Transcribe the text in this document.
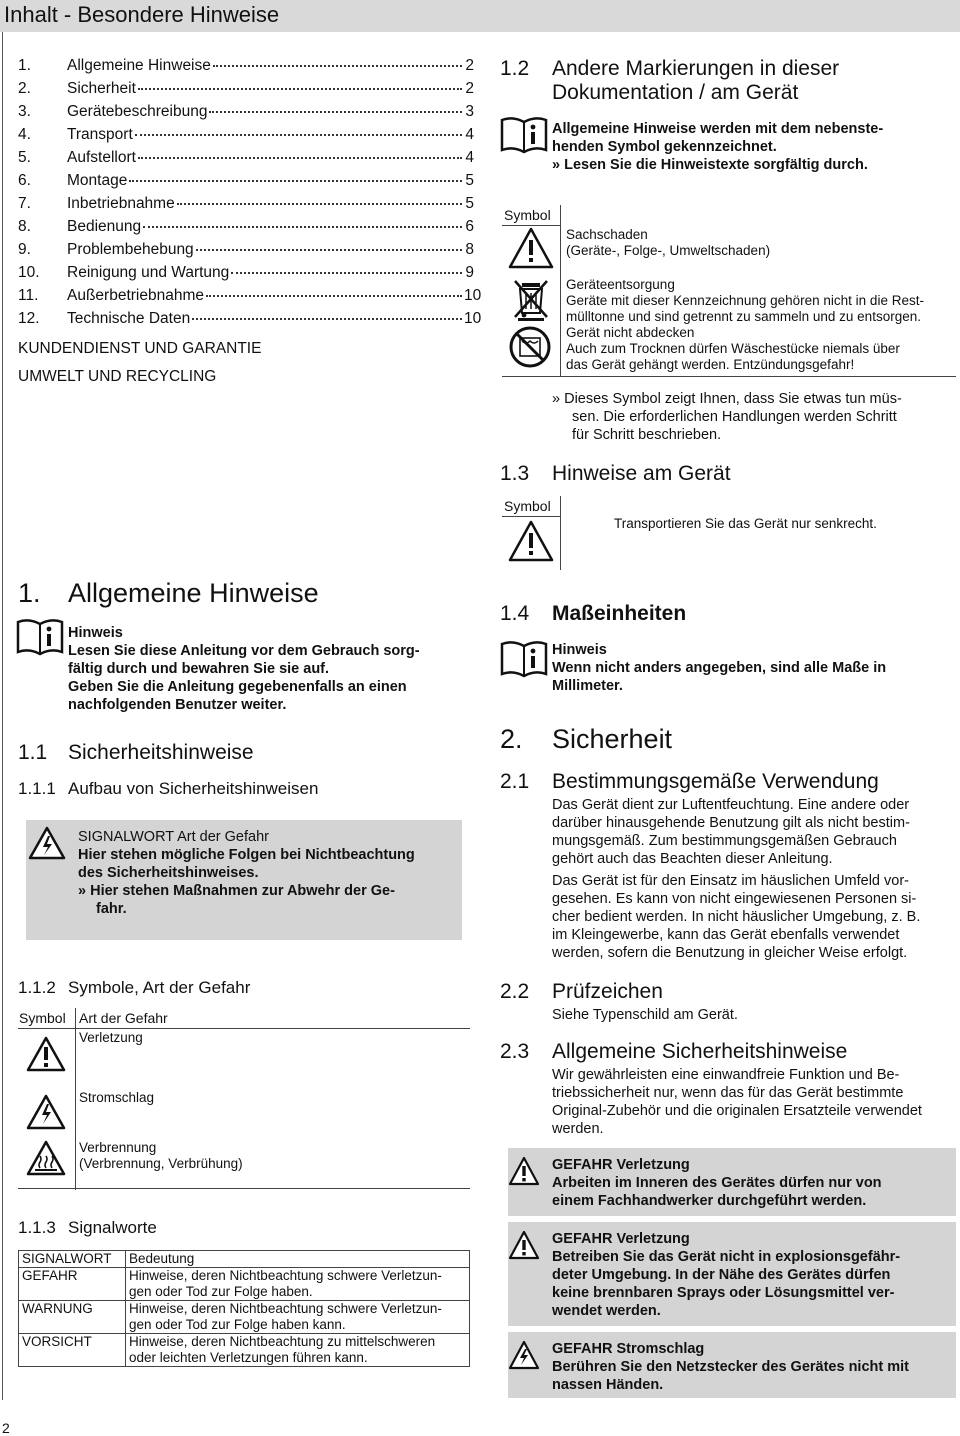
Inhalt - Besondere Hinweise
1.	Allgemeine Hinweise	2
2.	Sicherheit	2
3.	Gerätebeschreibung	3
4.	Transport	4
5.	Aufstellort	4
6.	Montage	5
7.	Inbetriebnahme	5
8.	Bedienung	6
9.	Problembehebung	8
10.	Reinigung und Wartung	9
11.	Außerbetriebnahme	10
12.	Technische Daten	10
KUNDENDIENST UND GARANTIE
UMWELT UND RECYCLING
1. Allgemeine Hinweise
Hinweis
Lesen Sie diese Anleitung vor dem Gebrauch sorg-
fältig durch und bewahren Sie sie auf.
Geben Sie die Anleitung gegebenenfalls an einen
nachfolgenden Benutzer weiter.
1.1 Sicherheitshinweise
1.1.1 Aufbau von Sicherheitshinweisen
SIGNALWORT Art der Gefahr
Hier stehen mögliche Folgen bei Nichtbeachtung
des Sicherheitshinweises.
» Hier stehen Maßnahmen zur Abwehr der Ge-
fahr.
1.1.2 Symbole, Art der Gefahr
Symbol Art der Gefahr
Verletzung
Stromschlag
Verbrennung
(Verbrennung, Verbrühung)
1.1.3 Signalworte
SIGNALWORT	Bedeutung
GEFAHR	Hinweise, deren Nichtbeachtung schwere Verletzun-
gen oder Tod zur Folge haben.

WARNUNG	Hinweise, deren Nichtbeachtung schwere Verletzun-
gen oder Tod zur Folge haben kann.

VORSICHT	Hinweise, deren Nichtbeachtung zu mittelschweren
oder leichten Verletzungen führen kann.
2
1.2 Andere Markierungen in dieser
Dokumentation / am Gerät
Allgemeine Hinweise werden mit dem nebenste-
henden Symbol gekennzeichnet.
» Lesen Sie die Hinweistexte sorgfältig durch.
Symbol
Sachschaden
(Geräte-, Folge-, Umweltschaden)
Geräteentsorgung
Geräte mit dieser Kennzeichnung gehören nicht in die Rest-
mülltonne und sind getrennt zu sammeln und zu entsorgen.
Gerät nicht abdecken
Auch zum Trocknen dürfen Wäschestücke niemals über
das Gerät gehängt werden. Entzündungsgefahr!
» Dieses Symbol zeigt Ihnen, dass Sie etwas tun müs-
sen. Die erforderlichen Handlungen werden Schritt
für Schritt beschrieben.
1.3 Hinweise am Gerät
Symbol
Transportieren Sie das Gerät nur senkrecht.
1.4 Maßeinheiten
Hinweis
Wenn nicht anders angegeben, sind alle Maße in
Millimeter.
2. Sicherheit
2.1 Bestimmungsgemäße Verwendung
Das Gerät dient zur Luftentfeuchtung. Eine andere oder
darüber hinausgehende Benutzung gilt als nicht bestim-
mungsgemäß. Zum bestimmungsgemäßen Gebrauch
gehört auch das Beachten dieser Anleitung.
Das Gerät ist für den Einsatz im häuslichen Umfeld vor-
gesehen. Es kann von nicht eingewiesenen Personen si-
cher bedient werden. In nicht häuslicher Umgebung, z. B.
im Kleingewerbe, kann das Gerät ebenfalls verwendet
werden, sofern die Benutzung in gleicher Weise erfolgt.
2.2 Prüfzeichen
Siehe Typenschild am Gerät.
2.3 Allgemeine Sicherheitshinweise
Wir gewährleisten eine einwandfreie Funktion und Be-
triebssicherheit nur, wenn das für das Gerät bestimmte
Original-Zubehör und die originalen Ersatzteile verwendet
werden.
GEFAHR Verletzung
Arbeiten im Inneren des Gerätes dürfen nur von
einem Fachhandwerker durchgeführt werden.
GEFAHR Verletzung
Betreiben Sie das Gerät nicht in explosionsgefähr-
deter Umgebung. In der Nähe des Gerätes dürfen
keine brennbaren Sprays oder Lösungsmittel ver-
wendet werden.
GEFAHR Stromschlag
Berühren Sie den Netzstecker des Gerätes nicht mit
nassen Händen.
